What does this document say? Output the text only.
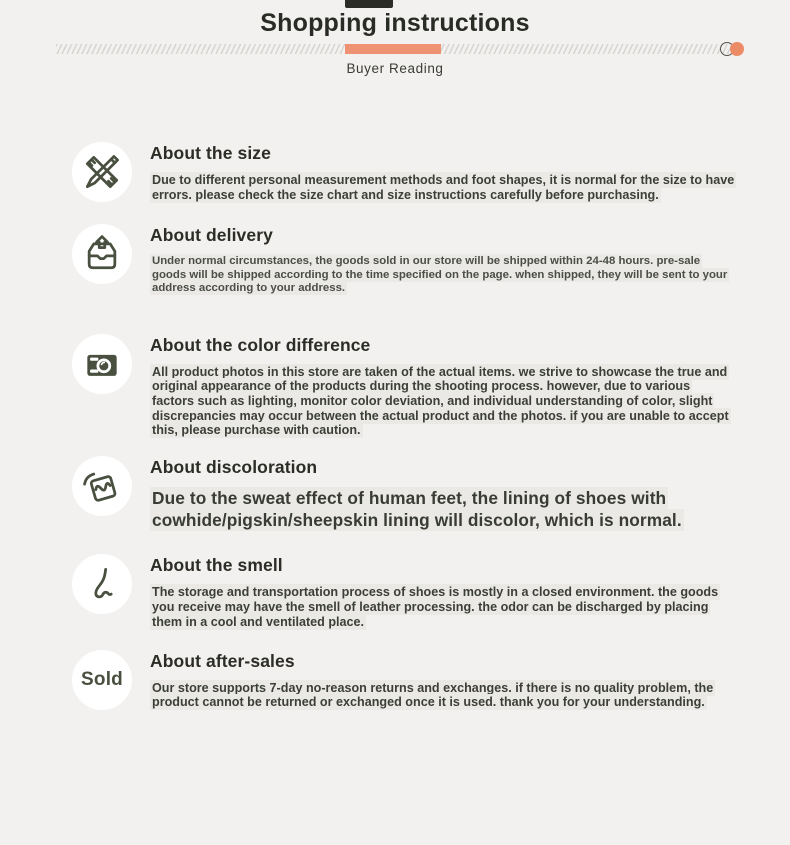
Shopping instructions
Buyer Reading
About the size

Due to different personal measurement methods and foot shapes, it is normal for the size to have errors. please check the size chart and size instructions carefully before purchasing.

About delivery

Under normal circumstances, the goods sold in our store will be shipped within 24-48 hours. pre-sale goods will be shipped according to the time specified on the page. when shipped, they will be sent to your address according to your address.

About the color difference

All product photos in this store are taken of the actual items. we strive to showcase the true and original appearance of the products during the shooting process. however, due to various factors such as lighting, monitor color deviation, and individual understanding of color, slight discrepancies may occur between the actual product and the photos. if you are unable to accept this, please purchase with caution.

About discoloration

Due to the sweat effect of human feet, the lining of shoes with cowhide/pigskin/sheepskin lining will discolor, which is normal.

About the smell

The storage and transportation process of shoes is mostly in a closed environment. the goods you receive may have the smell of leather processing. the odor can be discharged by placing them in a cool and ventilated place.

Sold
About after-sales

Our store supports 7-day no-reason returns and exchanges. if there is no quality problem, the product cannot be returned or exchanged once it is used. thank you for your understanding.
